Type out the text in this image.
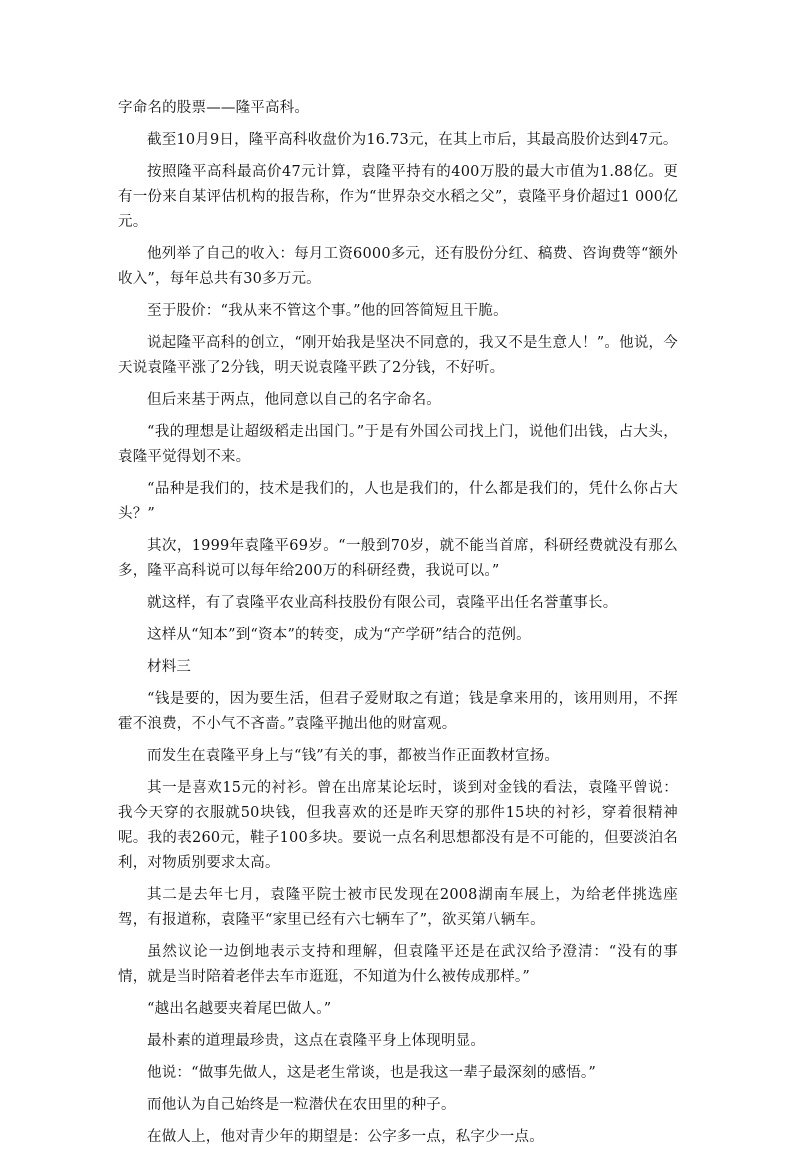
字命名的股票——隆平高科。

截至10月9日，隆平高科收盘价为16.73元，在其上市后，其最高股价达到47元。

按照隆平高科最高价47元计算，袁隆平持有的400万股的最大市值为1.88亿。更有一份来自某评估机构的报告称，作为“世界杂交水稻之父”，袁隆平身价超过1 000亿元。

他列举了自己的收入：每月工资6000多元，还有股份分红、稿费、咨询费等“额外收入”，每年总共有30多万元。

至于股价：“我从来不管这个事。”他的回答简短且干脆。

说起隆平高科的创立，“刚开始我是坚决不同意的，我又不是生意人！”。他说，今天说袁隆平涨了2分钱，明天说袁隆平跌了2分钱，不好听。

但后来基于两点，他同意以自己的名字命名。

“我的理想是让超级稻走出国门。”于是有外国公司找上门，说他们出钱，占大头，袁隆平觉得划不来。

“品种是我们的，技术是我们的，人也是我们的，什么都是我们的，凭什么你占大头？”

其次，1999年袁隆平69岁。“一般到70岁，就不能当首席，科研经费就没有那么多，隆平高科说可以每年给200万的科研经费，我说可以。”

就这样，有了袁隆平农业高科技股份有限公司，袁隆平出任名誉董事长。

这样从“知本”到“资本”的转变，成为“产学研”结合的范例。

材料三

“钱是要的，因为要生活，但君子爱财取之有道；钱是拿来用的，该用则用，不挥霍不浪费，不小气不吝啬。”袁隆平抛出他的财富观。

而发生在袁隆平身上与“钱”有关的事，都被当作正面教材宣扬。

其一是喜欢15元的衬衫。曾在出席某论坛时，谈到对金钱的看法，袁隆平曾说：我今天穿的衣服就50块钱，但我喜欢的还是昨天穿的那件15块的衬衫，穿着很精神呢。我的表260元，鞋子100多块。要说一点名利思想都没有是不可能的，但要淡泊名利，对物质别要求太高。

其二是去年七月，袁隆平院士被市民发现在2008湖南车展上，为给老伴挑选座驾，有报道称，袁隆平“家里已经有六七辆车了”，欲买第八辆车。

虽然议论一边倒地表示支持和理解，但袁隆平还是在武汉给予澄清：“没有的事情，就是当时陪着老伴去车市逛逛，不知道为什么被传成那样。”

“越出名越要夹着尾巴做人。”

最朴素的道理最珍贵，这点在袁隆平身上体现明显。

他说：“做事先做人，这是老生常谈，也是我这一辈子最深刻的感悟。”

而他认为自己始终是一粒潜伏在农田里的种子。

在做人上，他对青少年的期望是：公字多一点，私字少一点。
